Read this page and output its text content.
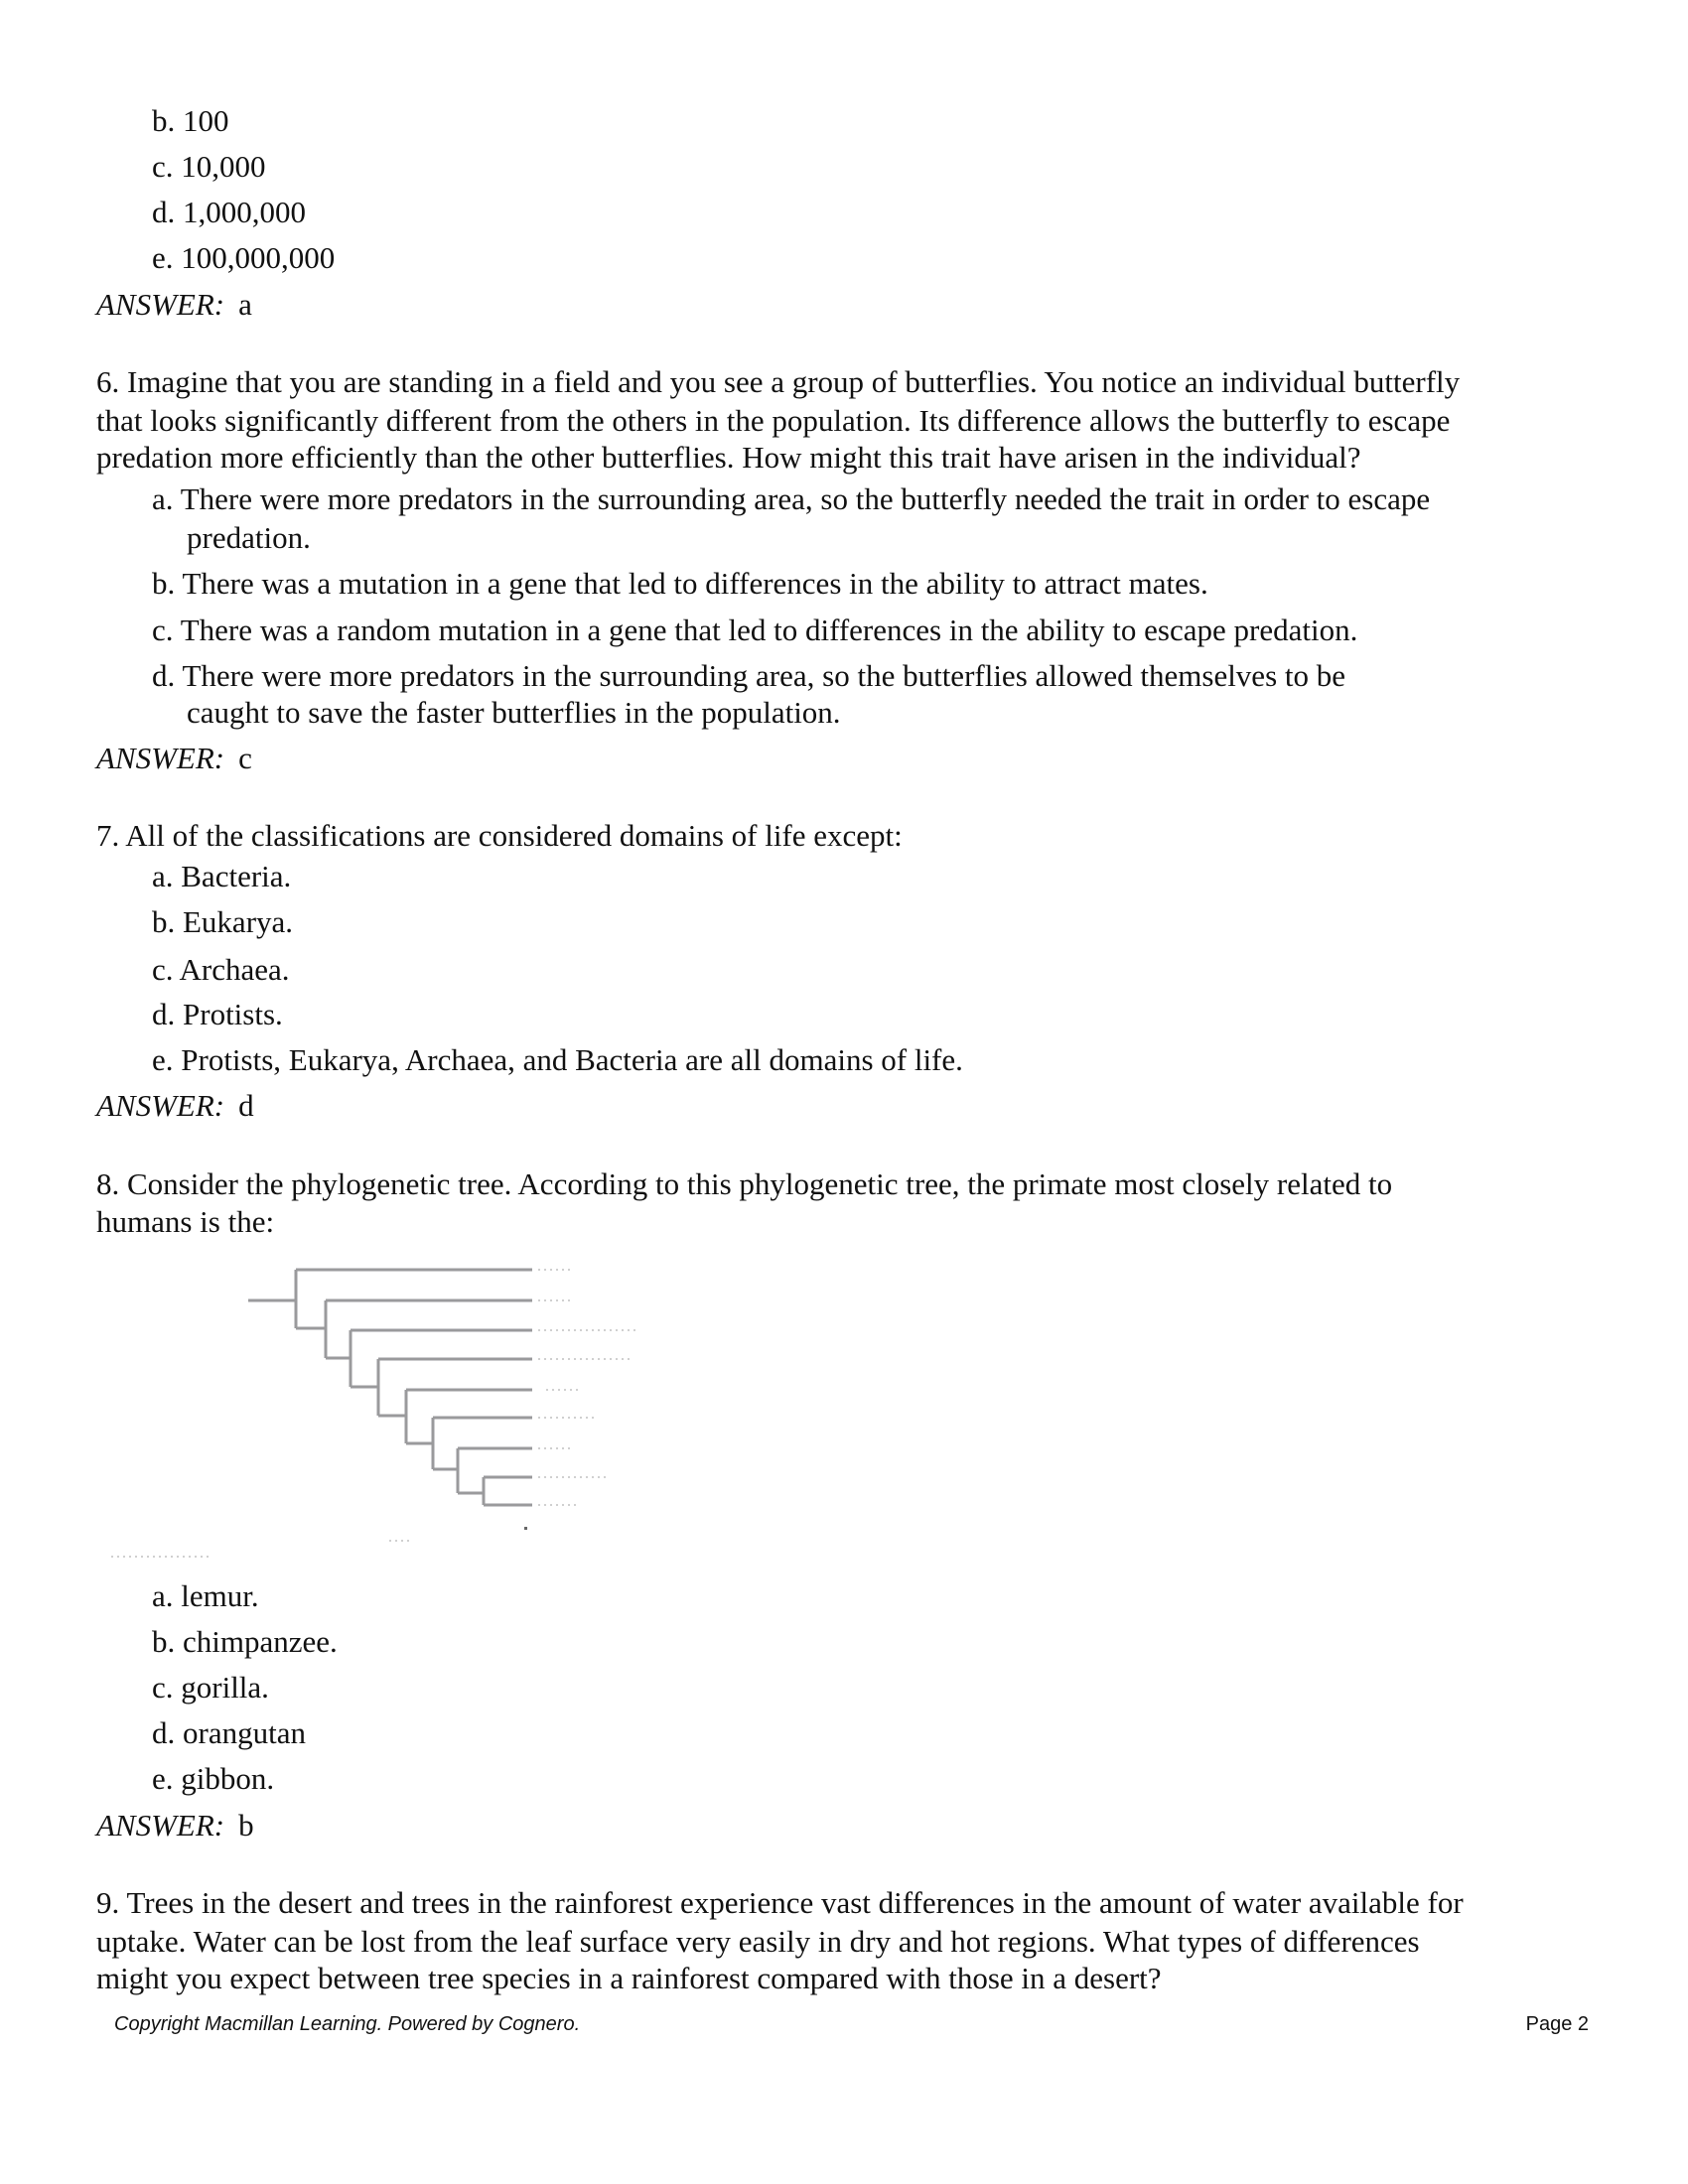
b. 100
c. 10,000
d. 1,000,000
e. 100,000,000
ANSWER: a
6. Imagine that you are standing in a field and you see a group of butterflies. You notice an individual butterfly
that looks significantly different from the others in the population. Its difference allows the butterfly to escape
predation more efficiently than the other butterflies. How might this trait have arisen in the individual?
a. There were more predators in the surrounding area, so the butterfly needed the trait in order to escape
predation.
b. There was a mutation in a gene that led to differences in the ability to attract mates.
c. There was a random mutation in a gene that led to differences in the ability to escape predation.
d. There were more predators in the surrounding area, so the butterflies allowed themselves to be
caught to save the faster butterflies in the population.
ANSWER: c
7. All of the classifications are considered domains of life except:
a. Bacteria.
b. Eukarya.
c. Archaea.
d. Protists.
e. Protists, Eukarya, Archaea, and Bacteria are all domains of life.
ANSWER: d
8. Consider the phylogenetic tree. According to this phylogenetic tree, the primate most closely related to
humans is the:
a. lemur.
b. chimpanzee.
c. gorilla.
d. orangutan
e. gibbon.
ANSWER: b
9. Trees in the desert and trees in the rainforest experience vast differences in the amount of water available for
uptake. Water can be lost from the leaf surface very easily in dry and hot regions. What types of differences
might you expect between tree species in a rainforest compared with those in a desert?
Copyright Macmillan Learning. Powered by Cognero.	Page 2
